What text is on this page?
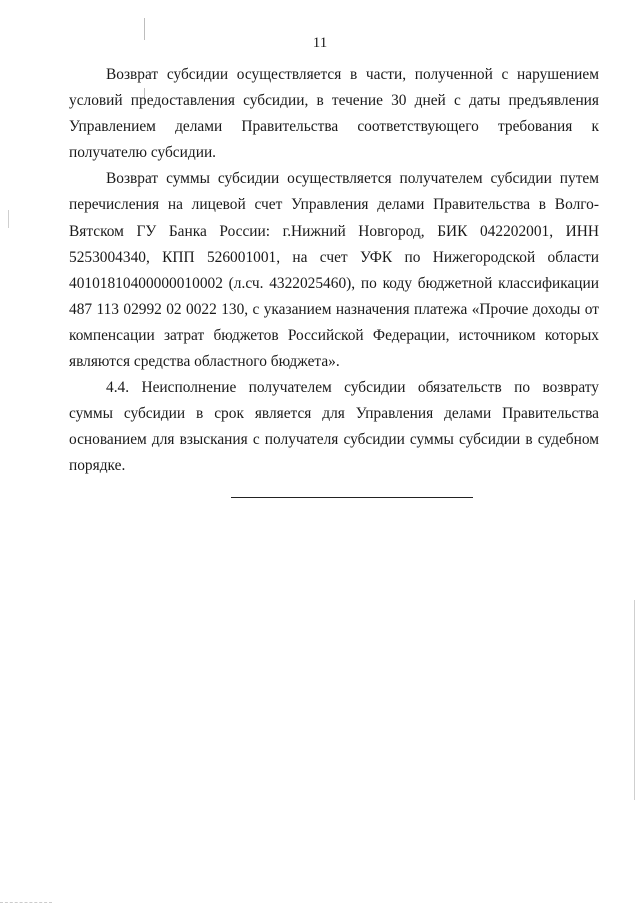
11
Возврат субсидии осуществляется в части, полученной с нарушением
условий предоставления субсидии, в течение 30 дней с даты предъявления
Управлением делами Правительства соответствующего требования к
получателю субсидии.
Возврат суммы субсидии осуществляется получателем субсидии путем
перечисления на лицевой счет Управления делами Правительства в Волго-
Вятском ГУ Банка России: г.Нижний Новгород, БИК 042202001, ИНН
5253004340, КПП 526001001, на счет УФК по Нижегородской области
40101810400000010002 (л.сч. 4322025460), по коду бюджетной классификации
487 113 02992 02 0022 130, с указанием назначения платежа «Прочие доходы от
компенсации затрат бюджетов Российской Федерации, источником которых
являются средства областного бюджета».
4.4. Неисполнение получателем субсидии обязательств по возврату
суммы субсидии в срок является для Управления делами Правительства
основанием для взыскания с получателя субсидии суммы субсидии в судебном
порядке.
